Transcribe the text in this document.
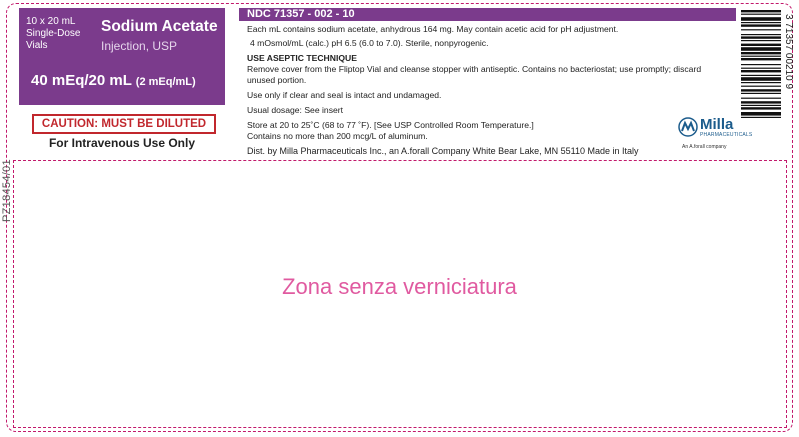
PZ18454/01
10 x 20 mL
Single-Dose
Vials
Sodium Acetate
Injection, USP
40 mEq/20 mL (2 mEq/mL)
CAUTION: MUST BE DILUTED
For Intravenous Use Only
NDC 71357 - 002 - 10

Each mL contains sodium acetate, anhydrous 164 mg. May contain acetic acid for pH adjustment.

4 mOsmol/mL (calc.) pH 6.5 (6.0 to 7.0). Sterile, nonpyrogenic.

USE ASEPTIC TECHNIQUE

Remove cover from the Fliptop Vial and cleanse stopper with antiseptic. Contains no bacteriostat; use promptly; discard

unused portion.

Use only if clear and seal is intact and undamaged.

Usual dosage: See insert

Store at 20 to 25˚C (68 to 77 ˚F). [See USP Controlled Room Temperature.]

Contains no more than 200 mcg/L of aluminum.

Dist. by Milla Pharmaceuticals Inc., an A.forall Company White Bear Lake, MN 55110 Made in Italy

Milla
PHARMACEUTICALS
An A.forall company
3 71357 00210 9
Zona senza verniciatura
